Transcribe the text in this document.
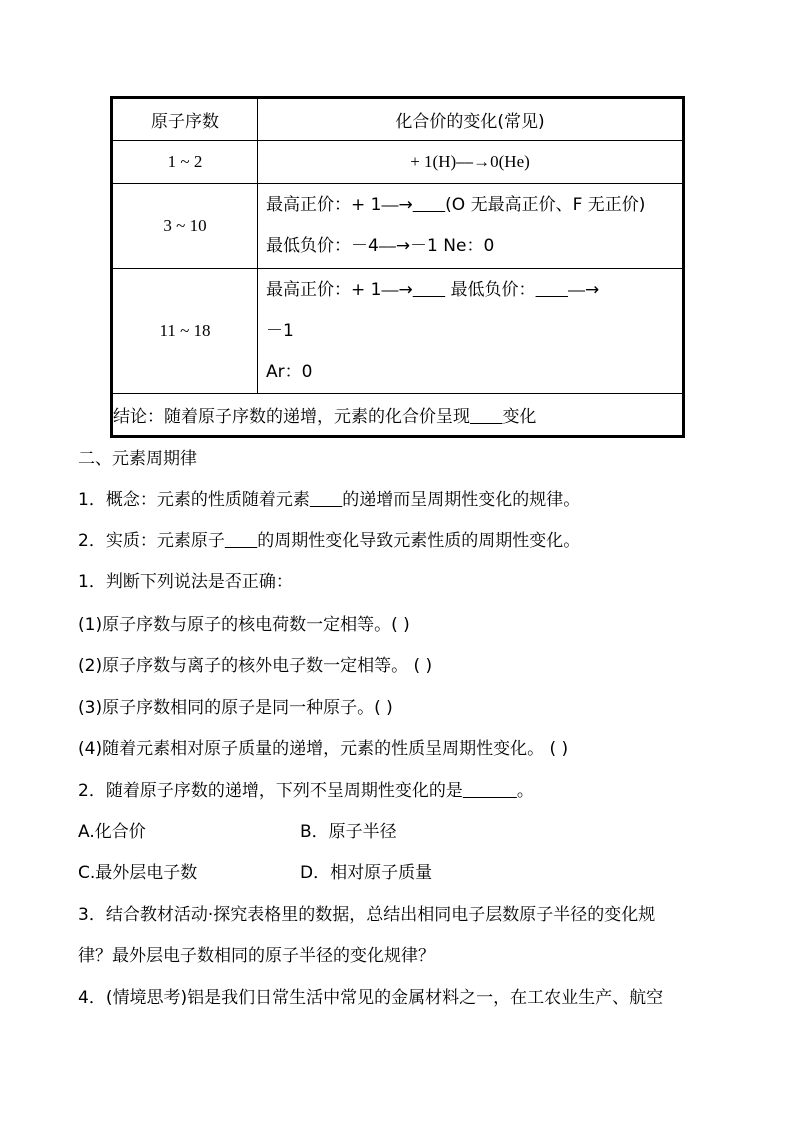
原子序数	化合价的变化(常见)
1 ~ 2	+ 1(H)⎯⎯→0(He)
3 ~ 10	最高正价：+ 1⎯⎯→ (O 无最高正价、F 无正价)
最低负价：－4⎯⎯→－1 Ne：0

11 ~ 18	最高正价：+ 1⎯⎯→       最低负价： ⎯⎯→
－1
Ar：0

结论：随着原子序数的递增，元素的化合价呈现 变化	
二、元素周期律
1．概念：元素的性质随着元素 的递增而呈周期性变化的规律。
2．实质：元素原子 的周期性变化导致元素性质的周期性变化。
1．判断下列说法是否正确：
(1)原子序数与原子的核电荷数一定相等。( )
(2)原子序数与离子的核外电子数一定相等。 ( )
(3)原子序数相同的原子是同一种原子。( )
(4)随着元素相对原子质量的递增，元素的性质呈周期性变化。 ( )
2．随着原子序数的递增，下列不呈周期性变化的是	。
A.化合价	B．原子半径
C.最外层电子数	D．相对原子质量
3．结合教材活动·探究表格里的数据，总结出相同电子层数原子半径的变化规
律？最外层电子数相同的原子半径的变化规律？
4．(情境思考)铝是我们日常生活中常见的金属材料之一，在工农业生产、航空
